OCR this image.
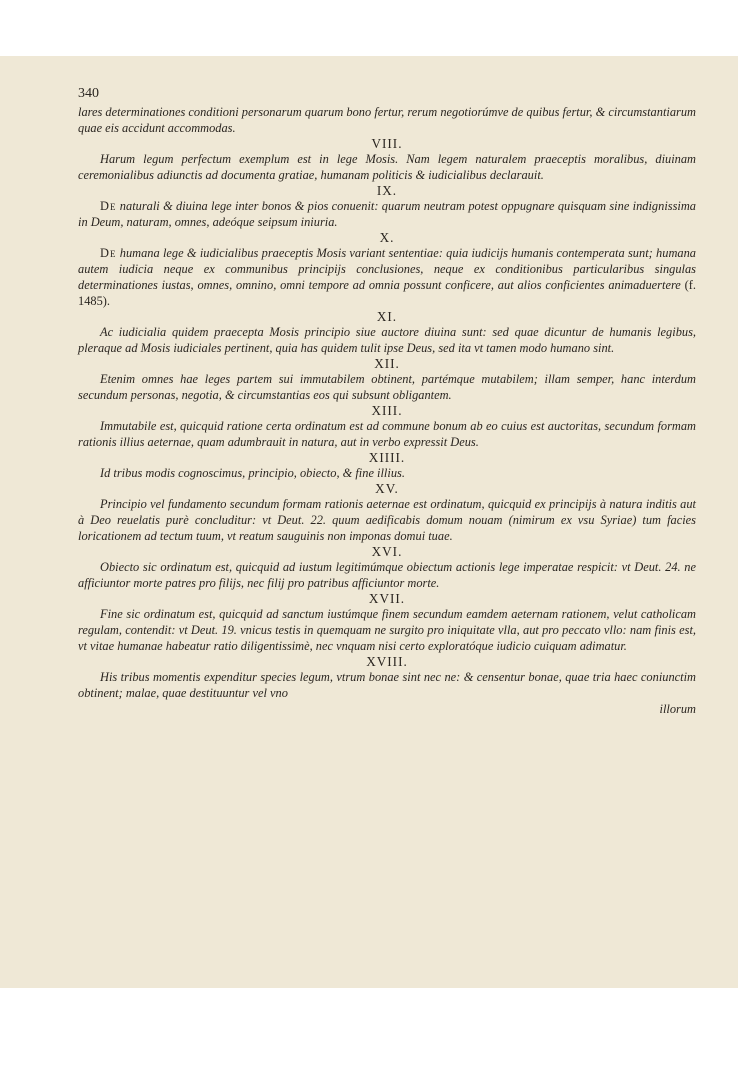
340

lares determinationes conditioni personarum quarum bono fertur, rerum negotiorúmve de quibus fertur, & circumstantiarum quae eis accidunt accommodas.

VIII.

Harum legum perfectum exemplum est in lege Mosis. Nam legem naturalem praeceptis moralibus, diuinam ceremonialibus adiunctis ad documenta gratiae, humanam politicis & iudicialibus declarauit.

IX.

De naturali & diuina lege inter bonos & pios conuenit: quarum neutram potest oppugnare quisquam sine indignissima in Deum, naturam, omnes, adeóque seipsum iniuria.

X.

De humana lege & iudicialibus praeceptis Mosis variant sententiae: quia iudicijs humanis contemperata sunt; humana autem iudicia neque ex communibus principijs conclusiones, neque ex conditionibus particularibus singulas determinationes iustas, omnes, omnino, omni tempore ad omnia possunt conficere, aut alios conficientes animaduertere (f. 1485).

XI.

Ac iudicialia quidem praecepta Mosis principio siue auctore diuina sunt: sed quae dicuntur de humanis legibus, pleraque ad Mosis iudiciales pertinent, quia has quidem tulit ipse Deus, sed ita vt tamen modo humano sint.

XII.

Etenim omnes hae leges partem sui immutabilem obtinent, partémque mutabilem; illam semper, hanc interdum secundum personas, negotia, & circumstantias eos qui subsunt obligantem.

XIII.

Immutabile est, quicquid ratione certa ordinatum est ad commune bonum ab eo cuius est auctoritas, secundum formam rationis illius aeternae, quam adumbrauit in natura, aut in verbo expressit Deus.

XIIII.

Id tribus modis cognoscimus, principio, obiecto, & fine illius.

XV.

Principio vel fundamento secundum formam rationis aeternae est ordinatum, quicquid ex principijs à natura inditis aut à Deo reuelatis purè concluditur: vt Deut. 22. quum aedificabis domum nouam (nimirum ex vsu Syriae) tum facies loricationem ad tectum tuum, vt reatum sauguinis non imponas domui tuae.

XVI.

Obiecto sic ordinatum est, quicquid ad iustum legitimúmque obiectum actionis lege imperatae respicit: vt Deut. 24. ne afficiuntor morte patres pro filijs, nec filij pro patribus afficiuntor morte.

XVII.

Fine sic ordinatum est, quicquid ad sanctum iustúmque finem secundum eamdem aeternam rationem, velut catholicam regulam, contendit: vt Deut. 19. vnicus testis in quemquam ne surgito pro iniquitate vlla, aut pro peccato vllo: nam finis est, vt vitae humanae habeatur ratio diligentissimè, nec vnquam nisi certo exploratóque iudicio cuiquam adimatur.

XVIII.

His tribus momentis expenditur species legum, vtrum bonae sint nec ne: & censentur bonae, quae tria haec coniunctim obtinent; malae, quae destituuntur vel vno

illorum
